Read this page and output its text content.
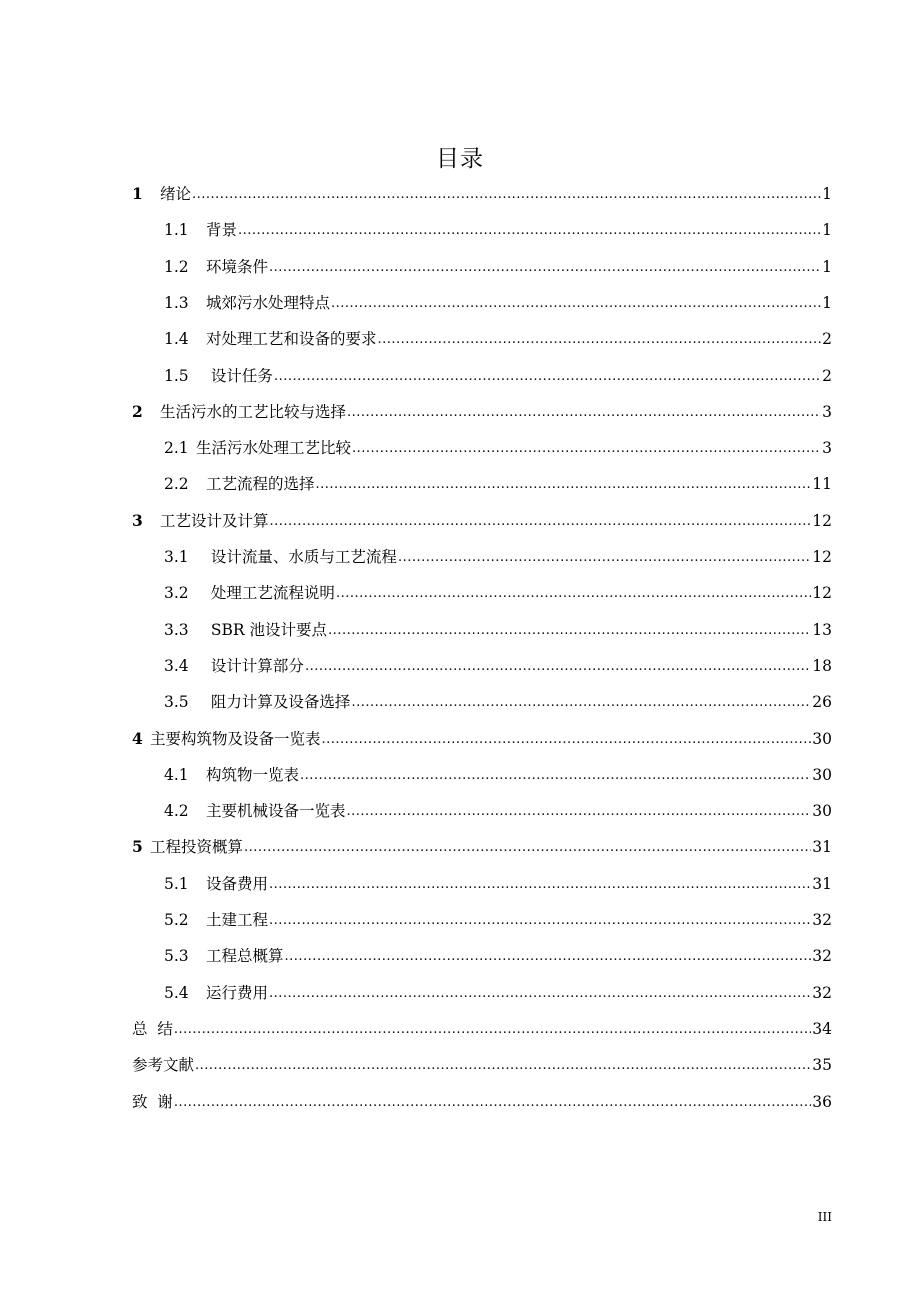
目录
1	绪论 .....	1
1.1	背景 .....	1
1.2	环境条件 .....	1
1.3	城郊污水处理特点 .....	1
1.4	对处理工艺和设备的要求 .....	2
1.5	设计任务 .....	2
2	生活污水的工艺比较与选择 .....	3
2.1 生活污水处理工艺比较 .....	3
2.2	工艺流程的选择 .....	11
3	工艺设计及计算 .....	12
3.1	设计流量、水质与工艺流程 .....	12
3.2	处理工艺流程说明 .....	12
3.3	SBR 池设计要点 .....	13
3.4	设计计算部分 .....	18
3.5	阻力计算及设备选择 .....	26
4 主要构筑物及设备一览表 .....	30
4.1	构筑物一览表 .....	30
4.2	主要机械设备一览表 .....	30
5 工程投资概算 .....	31
5.1	设备费用 .....	31
5.2	土建工程 .....	32
5.3	工程总概算 .....	32
5.4	运行费用 .....	32
总  结 .....	34
参考文献 .....	35
致  谢 .....	36
III
